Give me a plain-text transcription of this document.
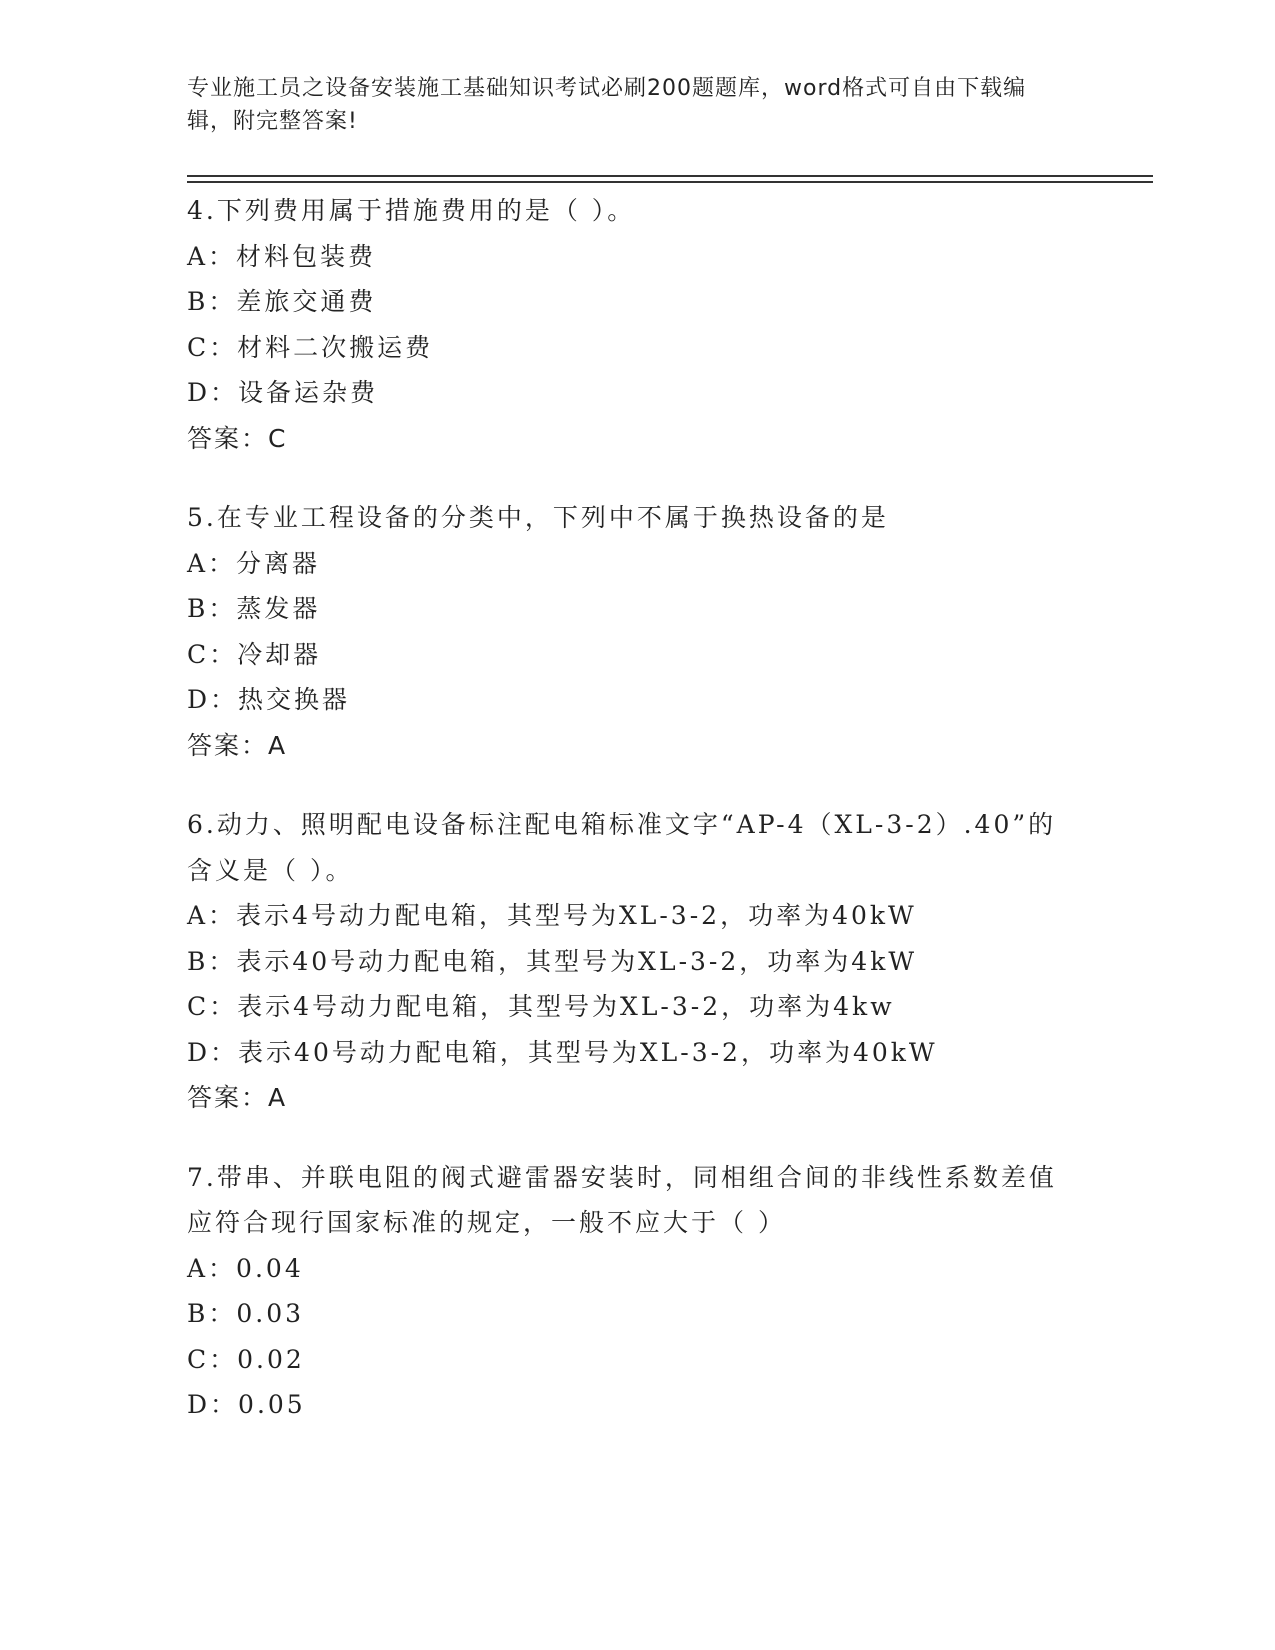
专业施工员之设备安装施工基础知识考试必刷200题题库，word格式可自由下载编辑，附完整答案!
4.下列费用属于措施费用的是（ ）。
A：材料包装费
B：差旅交通费
C：材料二次搬运费
D：设备运杂费
答案：C
5.在专业工程设备的分类中，下列中不属于换热设备的是
A：分离器
B：蒸发器
C：冷却器
D：热交换器
答案：A
6.动力、照明配电设备标注配电箱标准文字“AP-4（XL-3-2）.40”的含义是（ ）。
A：表示4号动力配电箱，其型号为XL-3-2，功率为40kW
B：表示40号动力配电箱，其型号为XL-3-2，功率为4kW
C：表示4号动力配电箱，其型号为XL-3-2，功率为4kw
D：表示40号动力配电箱，其型号为XL-3-2，功率为40kW
答案：A
7.带串、并联电阻的阀式避雷器安装时，同相组合间的非线性系数差值应符合现行国家标准的规定，一般不应大于（ ）
A：0.04
B：0.03
C：0.02
D：0.05
